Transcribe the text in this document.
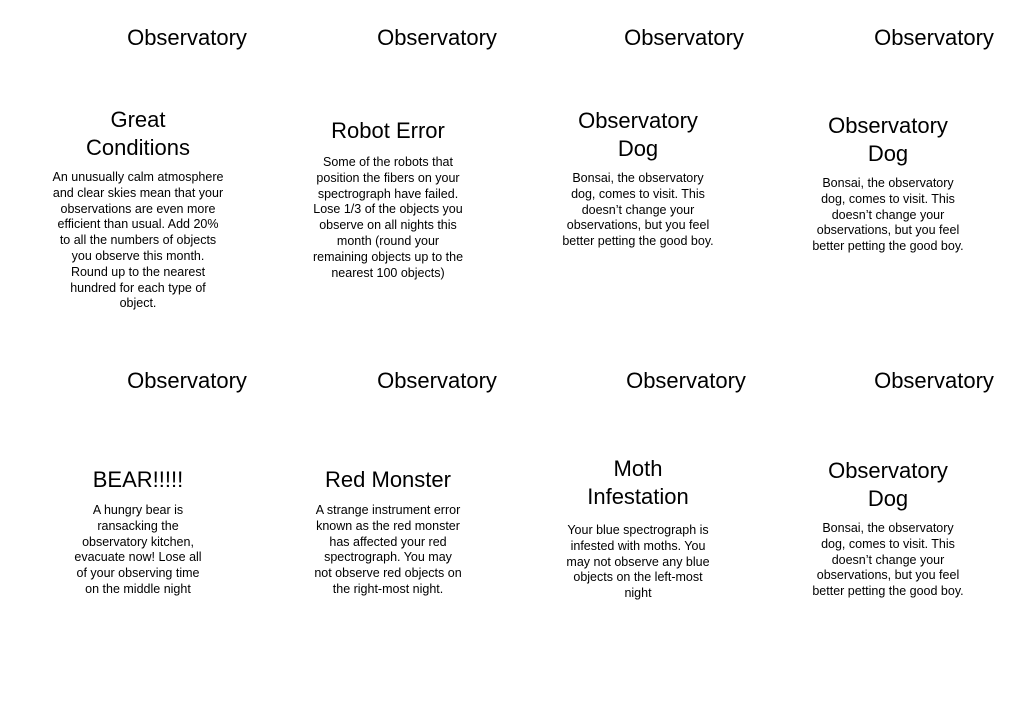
Observatory	Observatory	Observatory	Observatory

Great
Conditions

An unusually calm atmosphere and clear skies mean that your observations are even more efficient than usual. Add 20% to all the numbers of objects you observe this month. Round up to the nearest hundred for each type of object.

Robot Error

Some of the robots that position the fibers on your spectrograph have failed. Lose 1/3 of the objects you observe on all nights this month (round your remaining objects up to the nearest 100 objects)

Observatory
Dog

Bonsai, the observatory dog, comes to visit. This doesn’t change your observations, but you feel better petting the good boy.

Observatory
Dog

Bonsai, the observatory dog, comes to visit. This doesn’t change your observations, but you feel better petting the good boy.

Observatory	Observatory	Observatory	Observatory

BEAR!!!!!

A hungry bear is ransacking the observatory kitchen, evacuate now! Lose all of your observing time on the middle night

Red Monster

A strange instrument error known as the red monster has affected your red spectrograph. You may not observe red objects on the right-most night.

Moth
Infestation

Your blue spectrograph is infested with moths. You may not observe any blue objects on the left-most night

Observatory
Dog

Bonsai, the observatory dog, comes to visit. This doesn’t change your observations, but you feel better petting the good boy.
